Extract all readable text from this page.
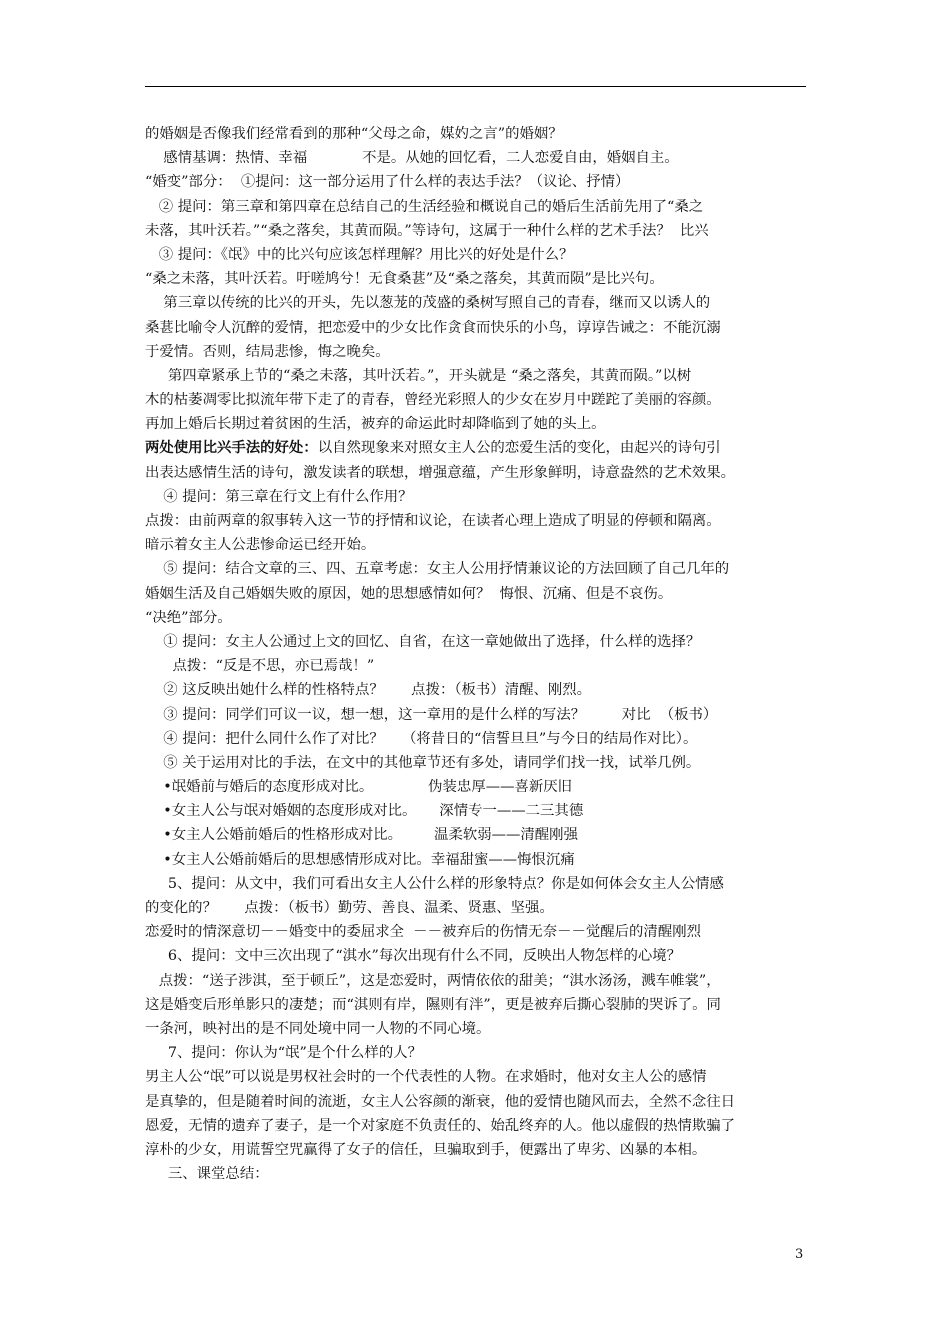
的婚姻是否像我们经常看到的那种“父母之命，媒妁之言”的婚姻？
感情基调：热情、幸福            不是。从她的回忆看，二人恋爱自由，婚姻自主。
“婚变”部分：  ①提问：这一部分运用了什么样的表达手法？（议论、抒情）
② 提问：第三章和第四章在总结自己的生活经验和概说自己的婚后生活前先用了“桑之
未落，其叶沃若。”“桑之落矣，其黄而陨。”等诗句，这属于一种什么样的艺术手法？  比兴
③ 提问：《氓》中的比兴句应该怎样理解？用比兴的好处是什么？
“桑之未落，其叶沃若。吁嗟鸠兮！无食桑葚”及“桑之落矣，其黄而陨”是比兴句。
第三章以传统的比兴的开头，先以葱茏的茂盛的桑树写照自己的青春，继而又以诱人的
桑葚比喻令人沉醉的爱情，把恋爱中的少女比作贪食而快乐的小鸟，谆谆告诫之：不能沉溺
于爱情。否则，结局悲惨，悔之晚矣。
第四章紧承上节的“桑之未落，其叶沃若。”，开头就是 “桑之落矣，其黄而陨。”以树
木的枯萎凋零比拟流年带下走了的青春，曾经光彩照人的少女在岁月中蹉跎了美丽的容颜。
再加上婚后长期过着贫困的生活，被弃的命运此时却降临到了她的头上。
两处使用比兴手法的好处：以自然现象来对照女主人公的恋爱生活的变化，由起兴的诗句引
出表达感情生活的诗句，激发读者的联想，增强意蕴，产生形象鲜明，诗意盎然的艺术效果。
④ 提问：第三章在行文上有什么作用？
点拨：由前两章的叙事转入这一节的抒情和议论，在读者心理上造成了明显的停顿和隔离。
暗示着女主人公悲惨命运已经开始。
⑤ 提问：结合文章的三、四、五章考虑：女主人公用抒情兼议论的方法回顾了自己几年的
婚姻生活及自己婚姻失败的原因，她的思想感情如何？  悔恨、沉痛、但是不哀伤。
“决绝”部分。
① 提问：女主人公通过上文的回忆、自省，在这一章她做出了选择，什么样的选择？
点拨：“反是不思，亦已焉哉！”
② 这反映出她什么样的性格特点？      点拨：（板书）清醒、刚烈。
③ 提问：同学们可议一议，想一想，这一章用的是什么样的写法？        对比  （板书）
④ 提问：把什么同什么作了对比？    （将昔日的“信誓旦旦”与今日的结局作对比）。
⑤ 关于运用对比的手法，在文中的其他章节还有多处，请同学们找一找，试举几例。
•氓婚前与婚后的态度形成对比。            伪装忠厚——喜新厌旧
•女主人公与氓对婚姻的态度形成对比。     深情专一——二三其德
•女主人公婚前婚后的性格形成对比。       温柔软弱——清醒刚强
•女主人公婚前婚后的思想感情形成对比。幸福甜蜜——悔恨沉痛
5、提问：从文中，我们可看出女主人公什么样的形象特点？你是如何体会女主人公情感
的变化的？      点拨：（板书）勤劳、善良、温柔、贤惠、坚强。
恋爱时的情深意切－－婚变中的委屈求全  －－被弃后的伤情无奈－－觉醒后的清醒刚烈
6、提问：文中三次出现了“淇水”每次出现有什么不同，反映出人物怎样的心境？
点拨：“送子涉淇，至于顿丘”，这是恋爱时，两情依依的甜美；“淇水汤汤，溅车帷裳”，
这是婚变后形单影只的凄楚；而“淇则有岸，隰则有泮”，更是被弃后撕心裂肺的哭诉了。同
一条河，映衬出的是不同处境中同一人物的不同心境。
7、提问：你认为“氓”是个什么样的人？
男主人公“氓”可以说是男权社会时的一个代表性的人物。在求婚时，他对女主人公的感情
是真挚的，但是随着时间的流逝，女主人公容颜的渐衰，他的爱情也随风而去，全然不念往日
恩爱，无情的遗弃了妻子，是一个对家庭不负责任的、始乱终弃的人。他以虚假的热情欺骗了
淳朴的少女，用谎誓空咒赢得了女子的信任，旦骗取到手，便露出了卑劣、凶暴的本相。
三、课堂总结：
3
